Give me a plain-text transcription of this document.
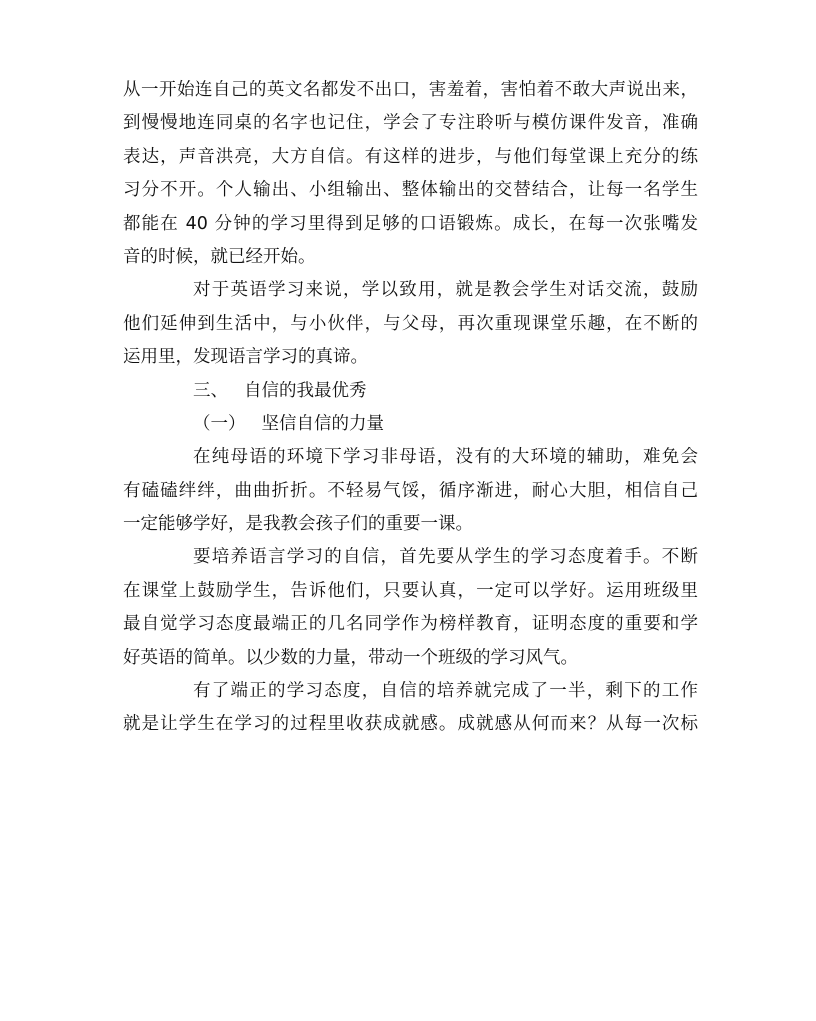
从一开始连自己的英文名都发不出口，害羞着，害怕着不敢大声说出来，
到慢慢地连同桌的名字也记住，学会了专注聆听与模仿课件发音，准确
表达，声音洪亮，大方自信。有这样的进步，与他们每堂课上充分的练
习分不开。个人输出、小组输出、整体输出的交替结合，让每一名学生
都能在 40 分钟的学习里得到足够的口语锻炼。成长，在每一次张嘴发
音的时候，就已经开始。
对于英语学习来说，学以致用，就是教会学生对话交流，鼓励
他们延伸到生活中，与小伙伴，与父母，再次重现课堂乐趣，在不断的
运用里，发现语言学习的真谛。
三、 自信的我最优秀
（一） 坚信自信的力量
在纯母语的环境下学习非母语，没有的大环境的辅助，难免会
有磕磕绊绊，曲曲折折。不轻易气馁，循序渐进，耐心大胆，相信自己
一定能够学好，是我教会孩子们的重要一课。
要培养语言学习的自信，首先要从学生的学习态度着手。不断
在课堂上鼓励学生，告诉他们，只要认真，一定可以学好。运用班级里
最自觉学习态度最端正的几名同学作为榜样教育，证明态度的重要和学
好英语的简单。以少数的力量，带动一个班级的学习风气。
有了端正的学习态度，自信的培养就完成了一半，剩下的工作
就是让学生在学习的过程里收获成就感。成就感从何而来？从每一次标
